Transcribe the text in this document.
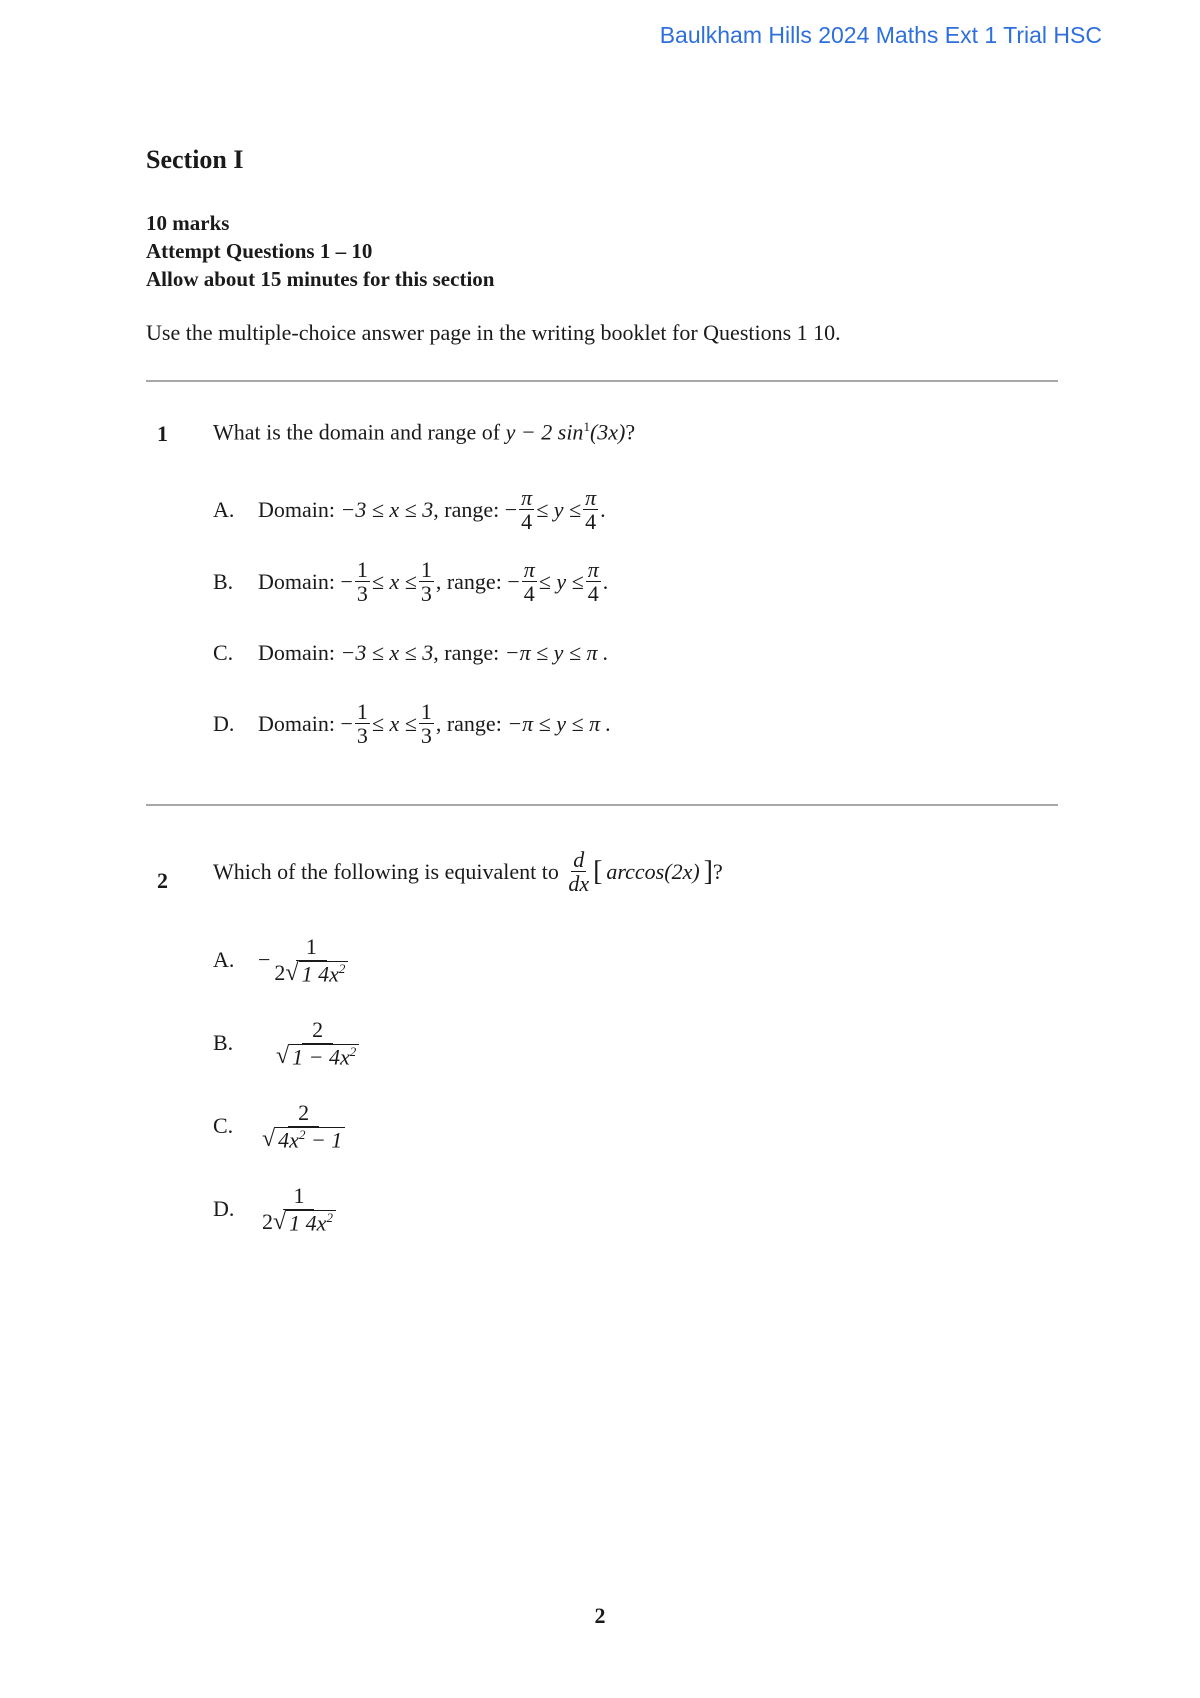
Baulkham Hills 2024 Maths Ext 1 Trial HSC
Section I
10 marks
Attempt Questions 1 – 10
Allow about 15 minutes for this section
Use the multiple-choice answer page in the writing booklet for Questions 1 10.
1 What is the domain and range of y − 2 $\sin^1(3x)$?
A.	Domain:
−3 ≤ x ≤ 3 , range:
− $\frac{\pi}{4} \le y \le \frac{\pi}{4}$ .
B.	Domain:
− $\frac{1}{3} \le x \le \frac{1}{3}$ , range:
− $\frac{\pi}{4} \le y \le \frac{\pi}{4}$ .
C.	Domain:
−3 ≤ x ≤ 3 , range:
−π ≤ y ≤ π .
D.	Domain:
− $\frac{1}{3} \le x \le \frac{1}{3}$ , range:
−π ≤ y ≤ π .
2 Which of the following is equivalent to
$\frac{d}{dx}$ [ arccos(2x) ] ?
A.	− $\frac{1}{2 √ 1 4x^2}$
B.	$\frac{2}{√ 1 - 4x^2}$
C.	$\frac{2}{√ 4x^2 - 1}$
D.	$\frac{1}{2 √ 1 4x^2}$
2
